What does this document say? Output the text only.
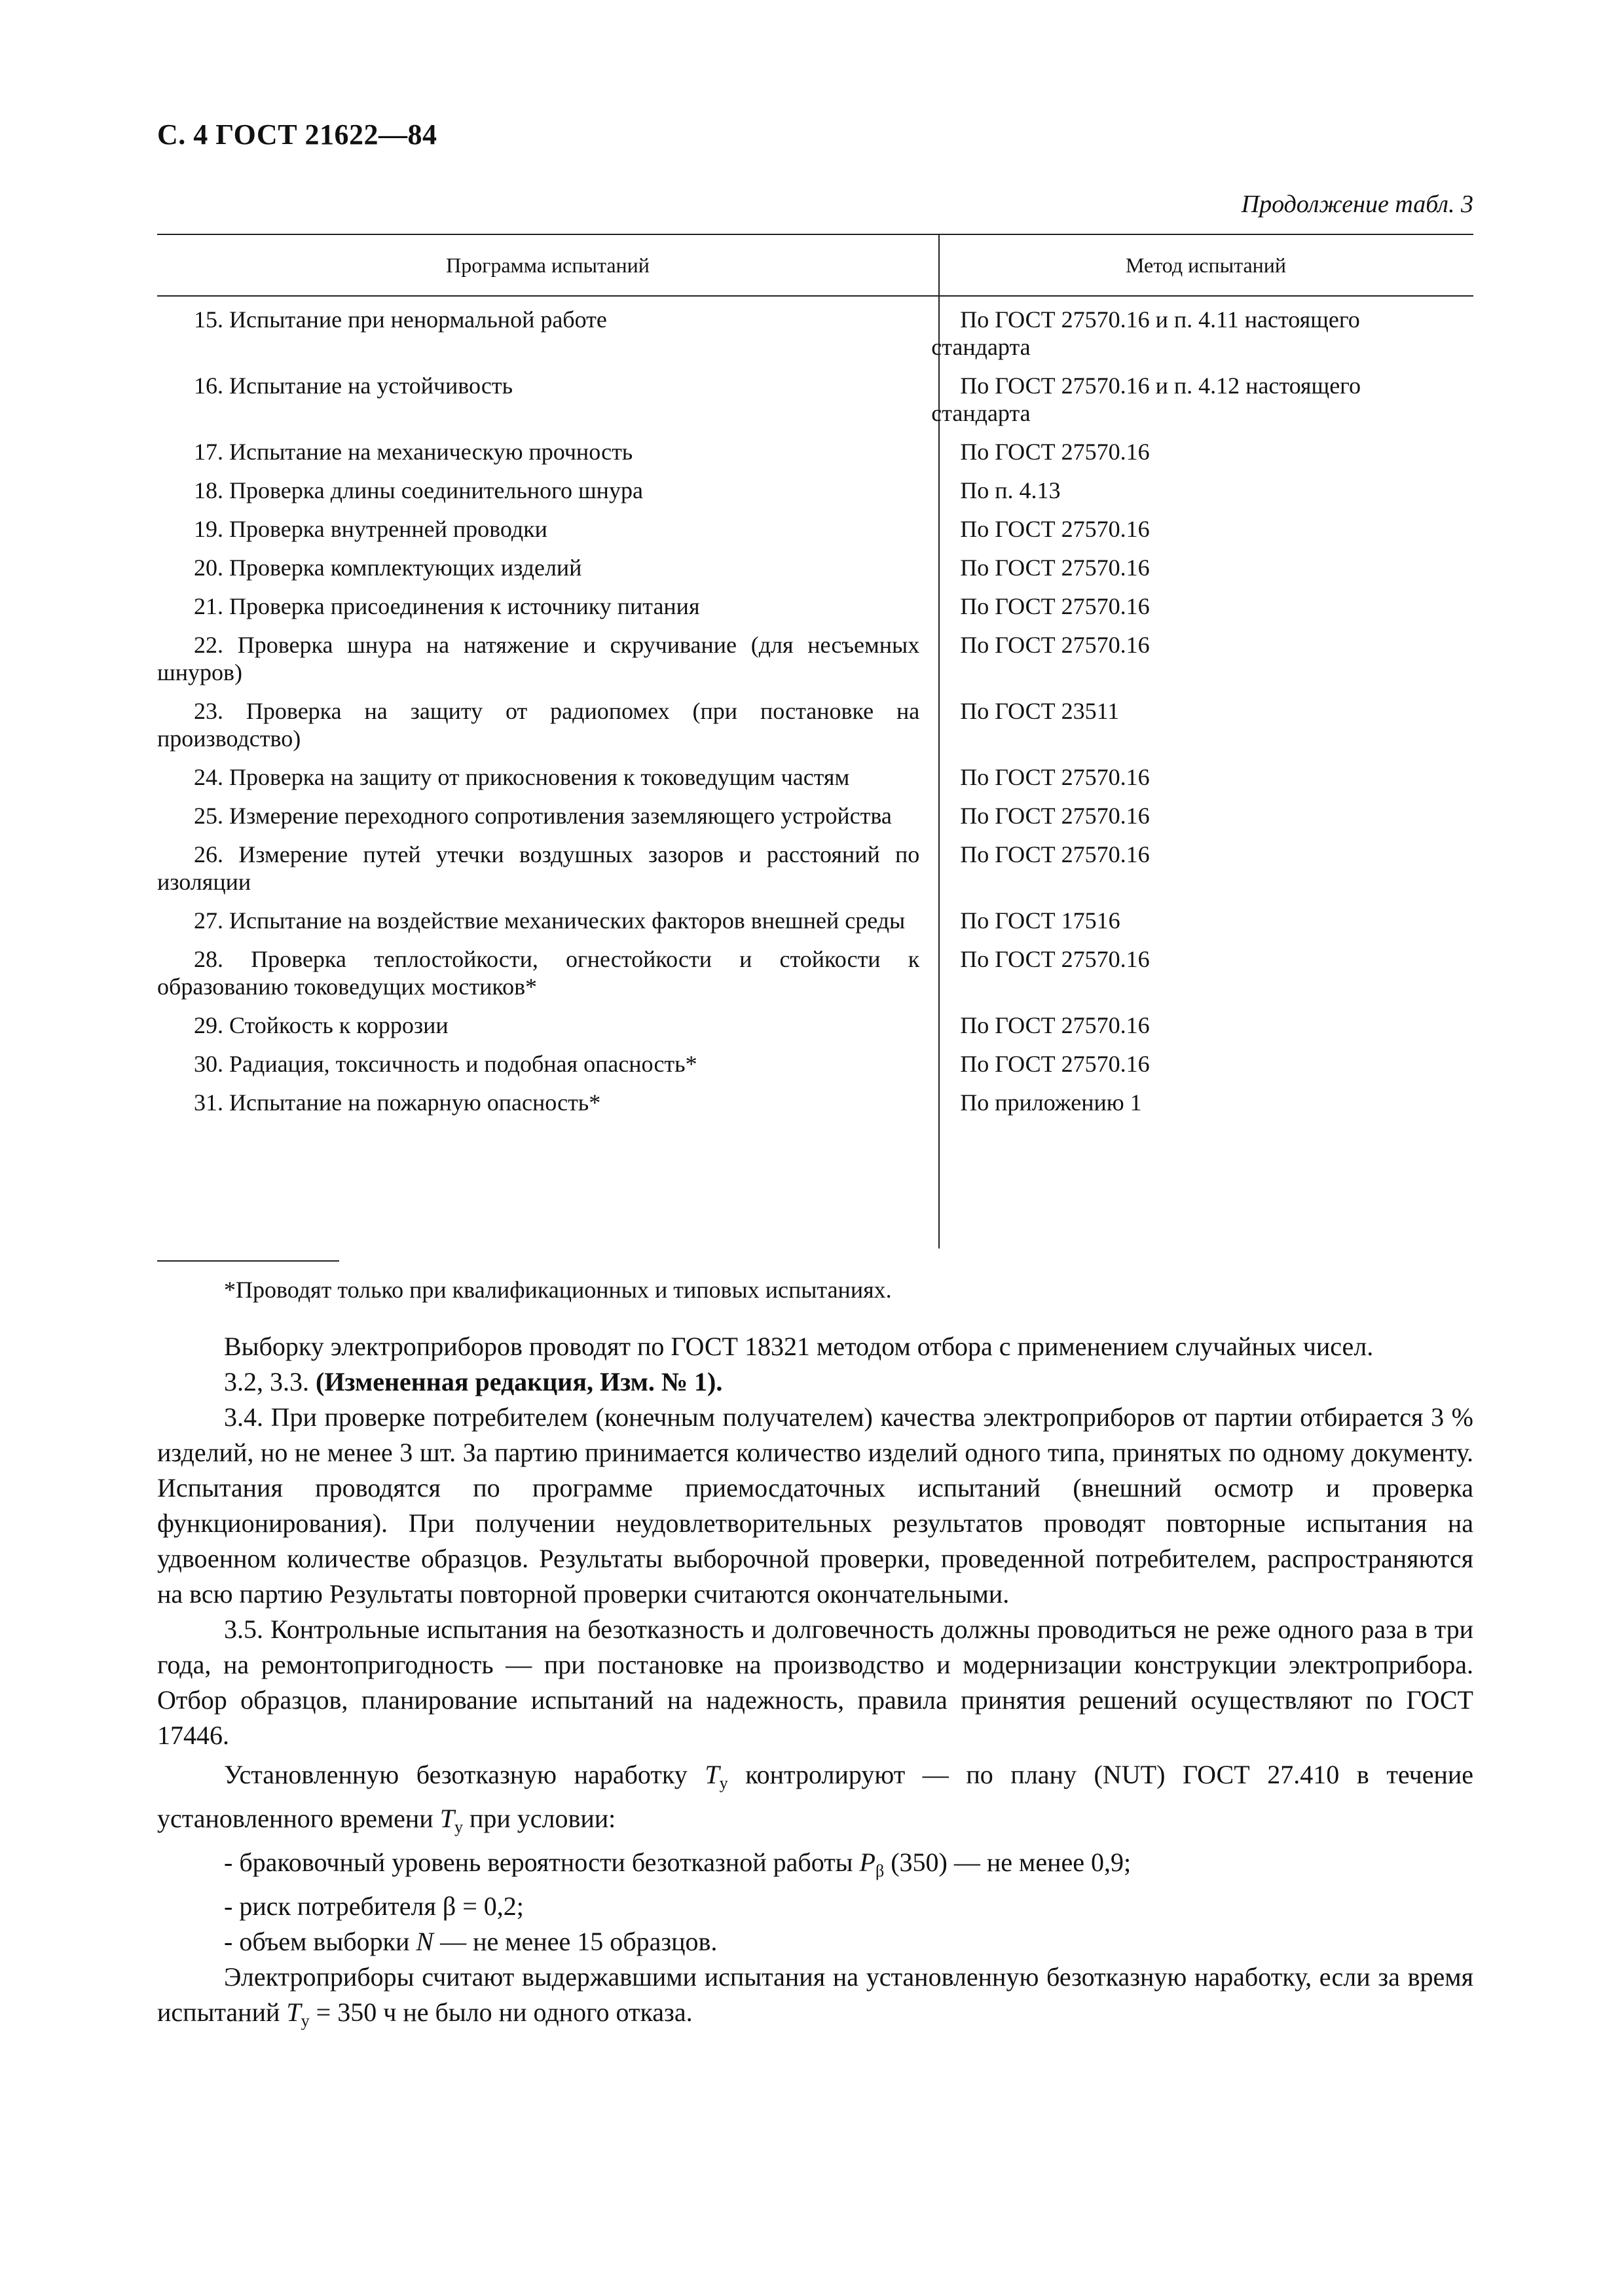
С. 4 ГОСТ 21622—84
Продолжение табл. 3
Программа испытаний	Метод испытаний
15. Испытание при ненормальной работе	По ГОСТ 27570.16 и п. 4.11 настоящего
стандарта
16. Испытание на устойчивость	По ГОСТ 27570.16 и п. 4.12 настоящего
стандарта
17. Испытание на механическую прочность	По ГОСТ 27570.16
18. Проверка длины соединительного шнура	По п. 4.13
19. Проверка внутренней проводки	По ГОСТ 27570.16
20. Проверка комплектующих изделий	По ГОСТ 27570.16
21. Проверка присоединения к источнику питания	По ГОСТ 27570.16
22. Проверка шнура на натяжение и скручивание (для несъемных шнуров)
По ГОСТ 27570.16
23. Проверка на защиту от радиопомех (при постановке на производство)
По ГОСТ 23511
24. Проверка на защиту от прикосновения к токоведущим частям	По ГОСТ 27570.16
25. Измерение переходного сопротивления заземляющего устройства	По ГОСТ 27570.16
26. Измерение путей утечки воздушных зазоров и расстояний по изоляции
По ГОСТ 27570.16
27. Испытание на воздействие механических факторов внешней среды	По ГОСТ 17516
28. Проверка теплостойкости, огнестойкости и стойкости к образованию токоведущих мостиков*
По ГОСТ 27570.16
29. Стойкость к коррозии	По ГОСТ 27570.16
30. Радиация, токсичность и подобная опасность*	По ГОСТ 27570.16
31. Испытание на пожарную опасность*	По приложению 1
*Проводят только при квалификационных и типовых испытаниях.

Выборку электроприборов проводят по ГОСТ 18321 методом отбора с применением случайных чисел.

3.2, 3.3. (Измененная редакция, Изм. № 1).

3.4. При проверке потребителем (конечным получателем) качества электроприборов от партии отбирается 3 % изделий, но не менее 3 шт. За партию принимается количество изделий одного типа, принятых по одному документу. Испытания проводятся по программе приемосдаточных испытаний (внешний осмотр и проверка функционирования). При получении неудовлетворительных результатов проводят повторные испытания на удвоенном количестве образцов. Результаты выборочной проверки, проведенной потребителем, распространяются на всю партию Результаты повторной проверки считаются окончательными.

3.5. Контрольные испытания на безотказность и долговечность должны проводиться не реже одного раза в три года, на ремонтопригодность — при постановке на производство и модернизации конструкции электроприбора. Отбор образцов, планирование испытаний на надежность, правила принятия решений осуществляют по ГОСТ 17446.

Установленную безотказную наработку $T_у$ контролируют — по плану (NUT) ГОСТ 27.410 в течение установленного времени $T_у$ при условии:

- браковочный уровень вероятности безотказной работы $P_\beta$ (350) — не менее 0,9;

- риск потребителя β = 0,2;

- объем выборки N — не менее 15 образцов.

Электроприборы считают выдержавшими испытания на установленную безотказную наработку, если за время испытаний $T_у = 350$ ч не было ни одного отказа.
